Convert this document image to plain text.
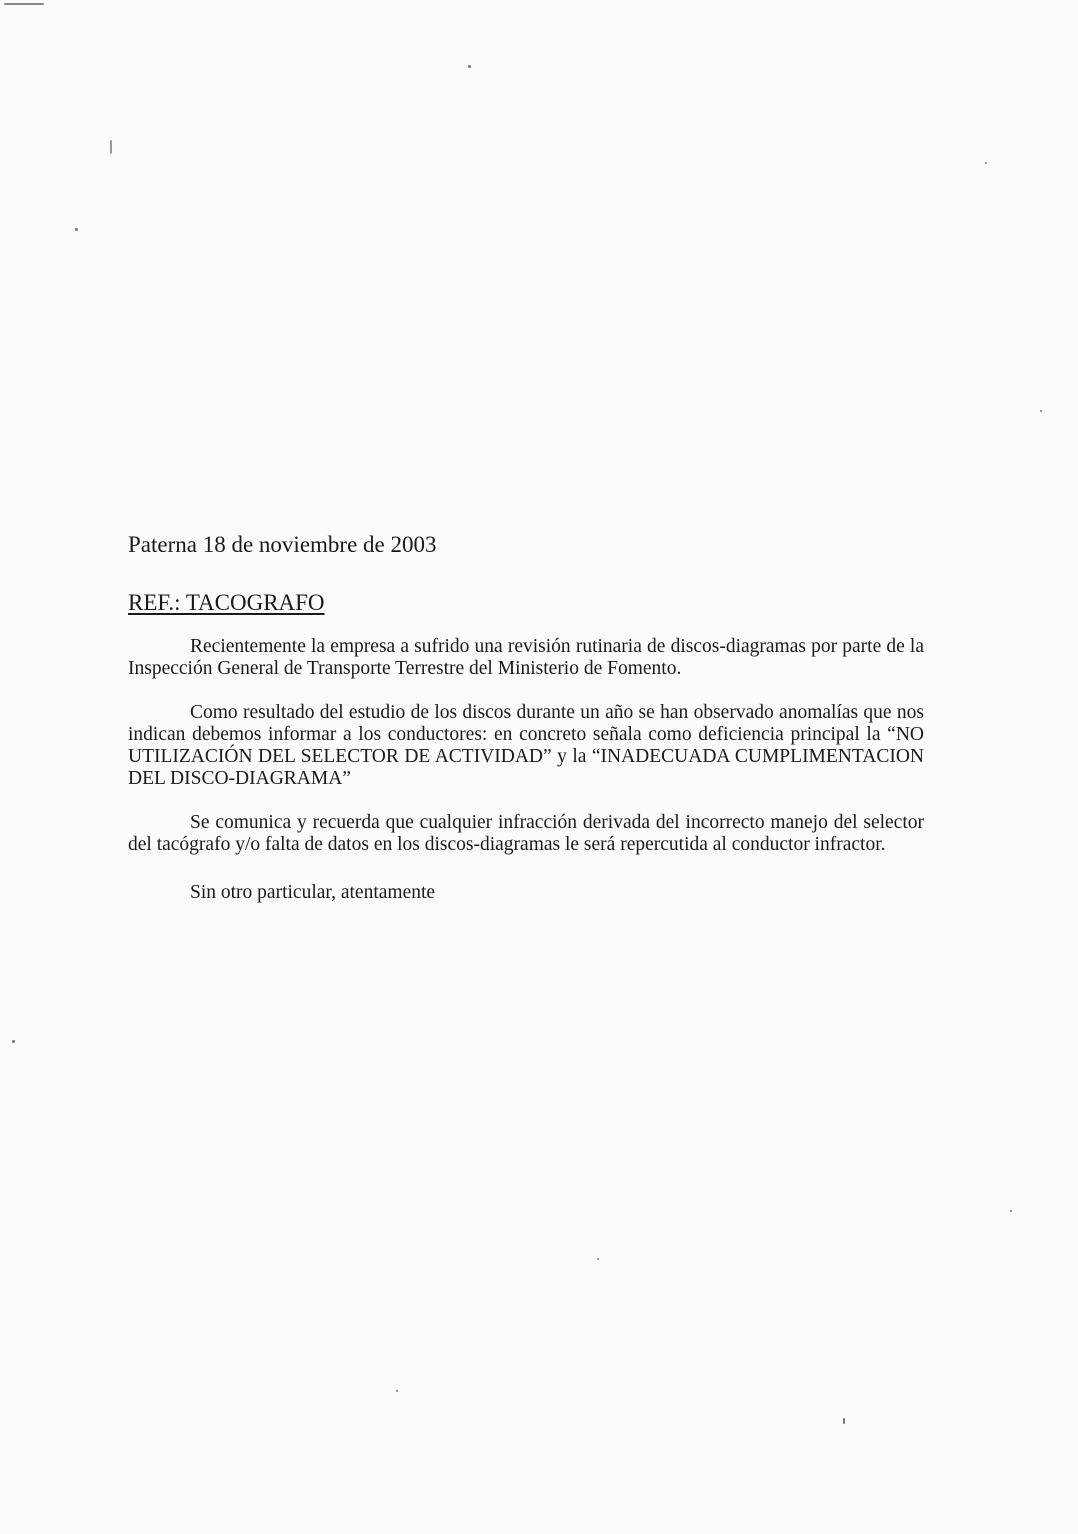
Paterna 18 de noviembre de 2003
REF.: TACOGRAFO

Recientemente la empresa a sufrido una revisión rutinaria de discos-diagramas por parte de la Inspección General de Transporte Terrestre del Ministerio de Fomento.

Como resultado del estudio de los discos durante un año se han observado anomalías que nos indican debemos informar a los conductores: en concreto señala como deficiencia principal la “NO UTILIZACIÓN DEL SELECTOR DE ACTIVIDAD” y la “INADECUADA CUMPLIMENTACION DEL DISCO-DIAGRAMA”

Se comunica y recuerda que cualquier infracción derivada del incorrecto manejo del selector del tacógrafo y/o falta de datos en los discos-diagramas le será repercutida al conductor infractor.

Sin otro particular, atentamente
